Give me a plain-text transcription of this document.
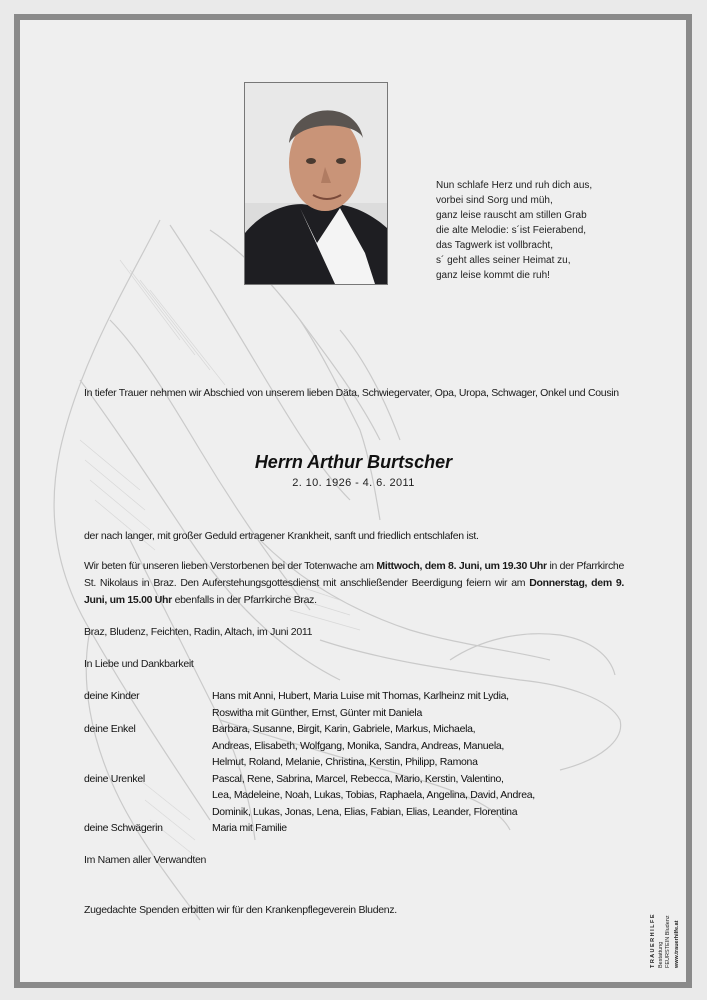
Nun schlafe Herz und ruh dich aus,
vorbei sind Sorg und müh,
ganz leise rauscht am stillen Grab
die alte Melodie: s´ist Feierabend,
das Tagwerk ist vollbracht,
s´ geht alles seiner Heimat zu,
ganz leise kommt die ruh!
In tiefer Trauer nehmen wir Abschied von unserem lieben Däta, Schwiegervater, Opa, Uropa, Schwager, Onkel und Cousin
Herrn Arthur Burtscher
2. 10. 1926 - 4. 6. 2011
der nach langer, mit großer Geduld ertragener Krankheit, sanft und friedlich entschlafen ist.
Wir beten für unseren lieben Verstorbenen bei der Totenwache am Mittwoch, dem 8. Juni, um 19.30 Uhr in der Pfarrkirche St. Nikolaus in Braz. Den Auferstehungsgottesdienst mit anschließender Beerdigung feiern wir am Donnerstag, dem 9. Juni, um 15.00 Uhr ebenfalls in der Pfarrkirche Braz.
Braz, Bludenz, Feichten, Radin, Altach, im Juni 2011
In Liebe und Dankbarkeit
deine Kinder	Hans mit Anni, Hubert, Maria Luise mit Thomas, Karlheinz mit Lydia,
Roswitha mit Günther, Ernst, Günter mit Daniela
deine Enkel	Barbara, Susanne, Birgit, Karin, Gabriele, Markus, Michaela,
Andreas, Elisabeth, Wolfgang, Monika, Sandra, Andreas, Manuela,
Helmut, Roland, Melanie, Christina, Kerstin, Philipp, Ramona
deine Urenkel	Pascal, Rene, Sabrina, Marcel, Rebecca, Mario, Kerstin, Valentino,
Lea, Madeleine, Noah, Lukas, Tobias, Raphaela, Angelina, David, Andrea,
Dominik, Lukas, Jonas, Lena, Elias, Fabian, Elias, Leander, Florentina
deine Schwägerin	Maria mit Familie
Im Namen aller Verwandten
Zugedachte Spenden erbitten wir für den Krankenpflegeverein Bludenz.
T R A U E R H I L F E Bestattung FEURSTEIN Bludenz www.trauerhilfe.at
